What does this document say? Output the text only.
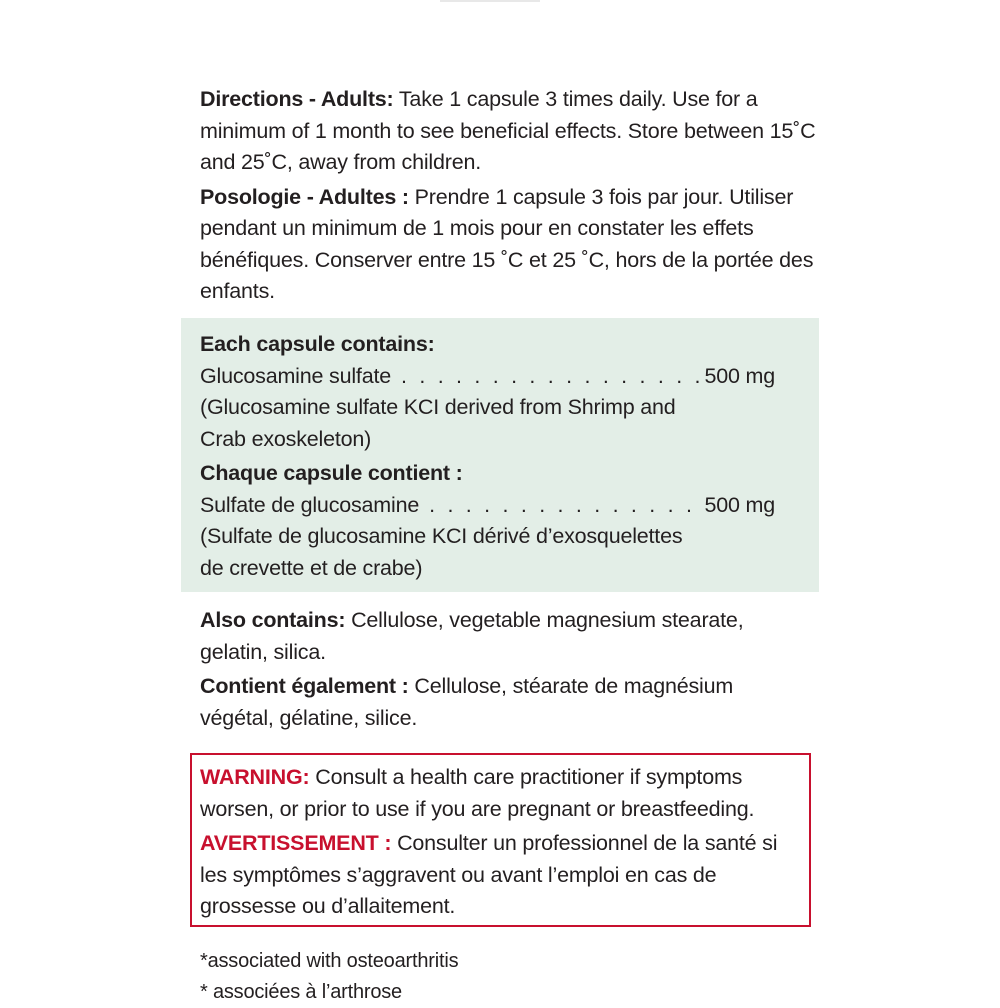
Directions - Adults: Take 1 capsule 3 times daily. Use for a minimum of 1 month to see beneficial effects. Store between 15˚C and 25˚C, away from children.

Posologie - Adultes : Prendre 1 capsule 3 fois par jour. Utiliser pendant un minimum de 1 mois pour en constater les effets bénéfiques. Conserver entre 15 ˚C et 25 ˚C, hors de la portée des enfants.

Each capsule contains:

Glucosamine sulfate . . .	500 mg
(Glucosamine sulfate KCI derived from Shrimp and
Crab exoskeleton)

Chaque capsule contient :

Sulfate de glucosamine . . .	500 mg
(Sulfate de glucosamine KCI dérivé d’exosquelettes
de crevette et de crabe)

Also contains: Cellulose, vegetable magnesium stearate, gelatin, silica.

Contient également : Cellulose, stéarate de magnésium végétal, gélatine, silice.

WARNING: Consult a health care practitioner if symptoms worsen, or prior to use if you are pregnant or breastfeeding.

AVERTISSEMENT : Consulter un professionnel de la santé si les symptômes s’aggravent ou avant l’emploi en cas de grossesse ou d’allaitement.

*associated with osteoarthritis

* associées à l’arthrose
